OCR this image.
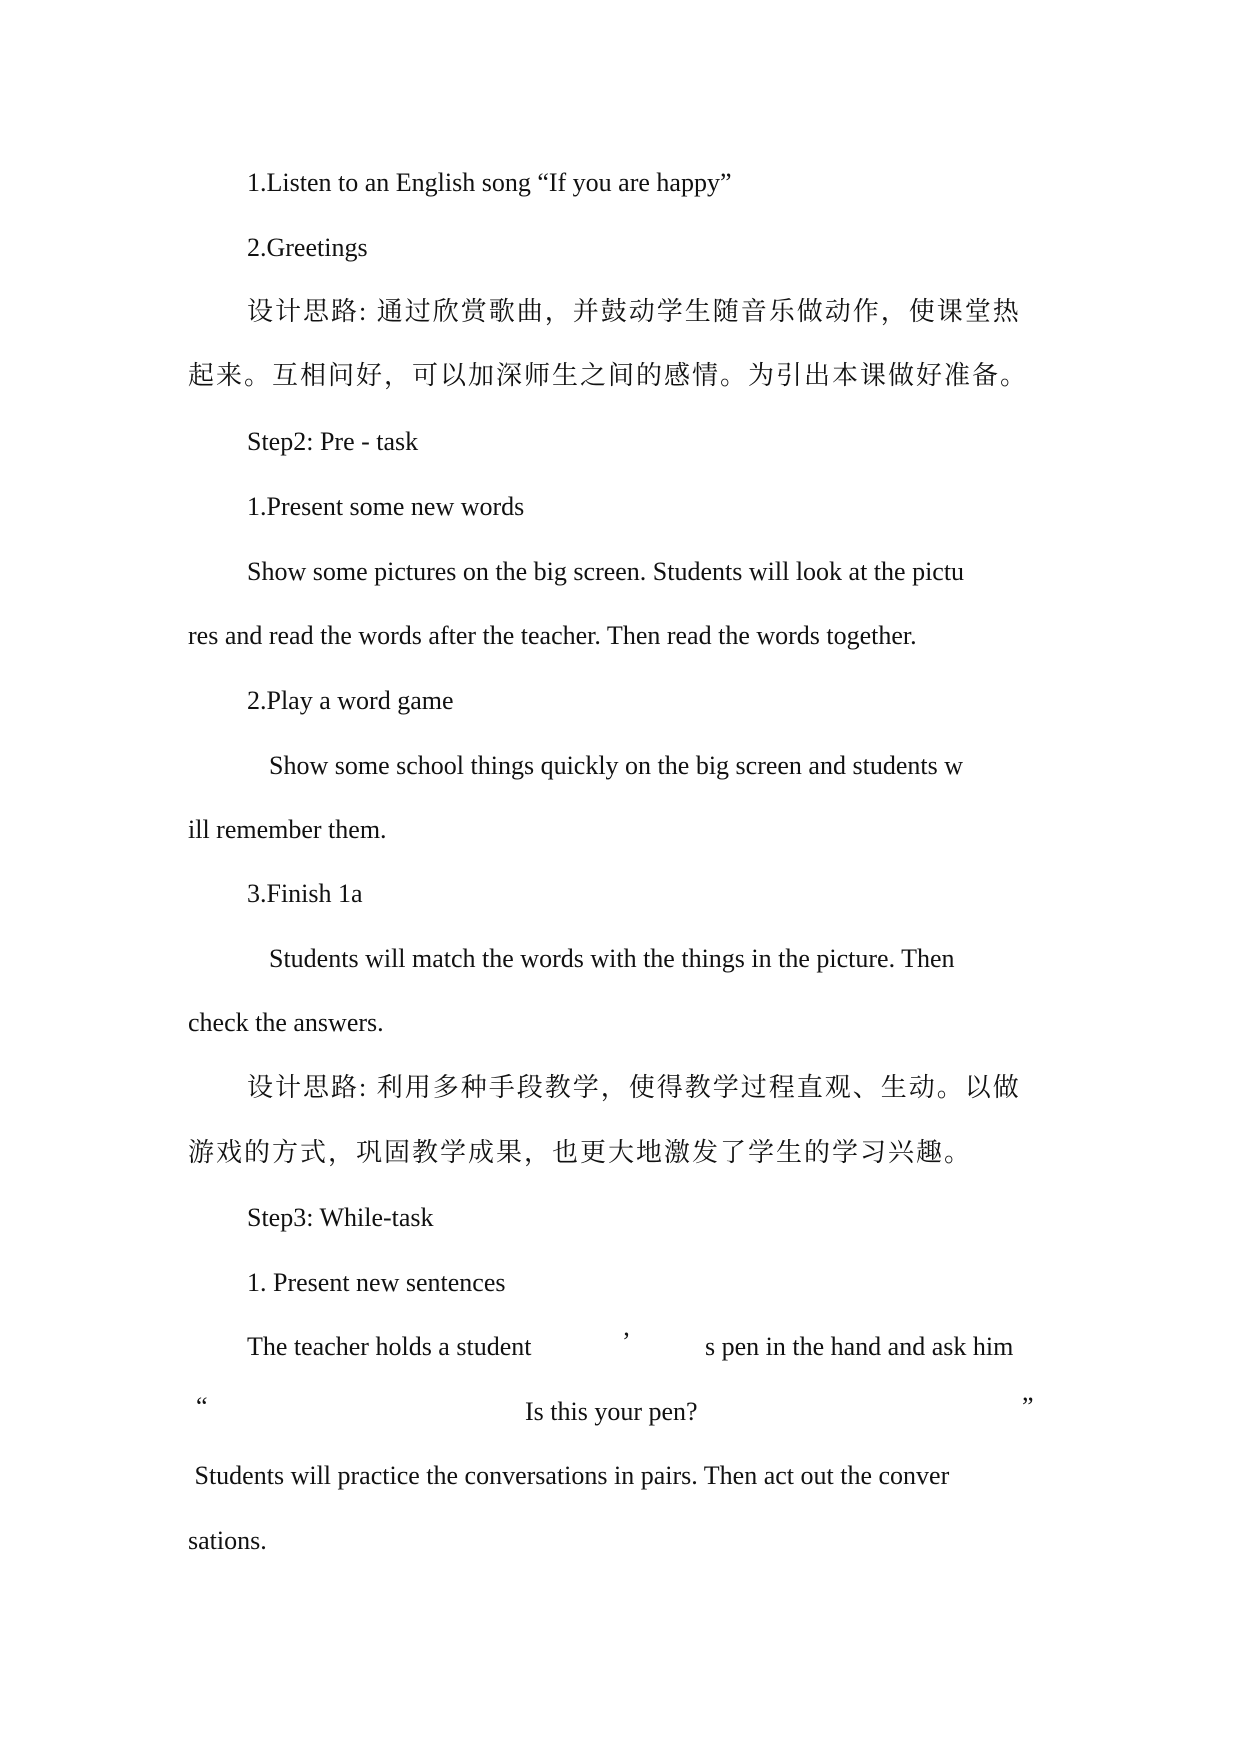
1.Listen to an English song “If you are happy”
2.Greetings
设计思路: 通过欣赏歌曲，并鼓动学生随音乐做动作，使课堂热
起来。互相问好，可以加深师生之间的感情。为引出本课做好准备。
Step2: Pre - task
1.Present some new words
Show some pictures on the big screen. Students will look at the pictu
res and read the words after the teacher. Then read the words together.
2.Play a word game
Show some school things quickly on the big screen and students w
ill remember them.
3.Finish 1a
Students will match the words with the things in the picture. Then
check the answers.
设计思路: 利用多种手段教学，使得教学过程直观、生动。以做
游戏的方式，巩固教学成果，也更大地激发了学生的学习兴趣。
Step3: While-task
1. Present new sentences
The teacher holds a student	’	s pen in the hand and ask him
“	Is this your pen?	”
Students will practice the conversations in pairs. Then act out the conver
sations.
